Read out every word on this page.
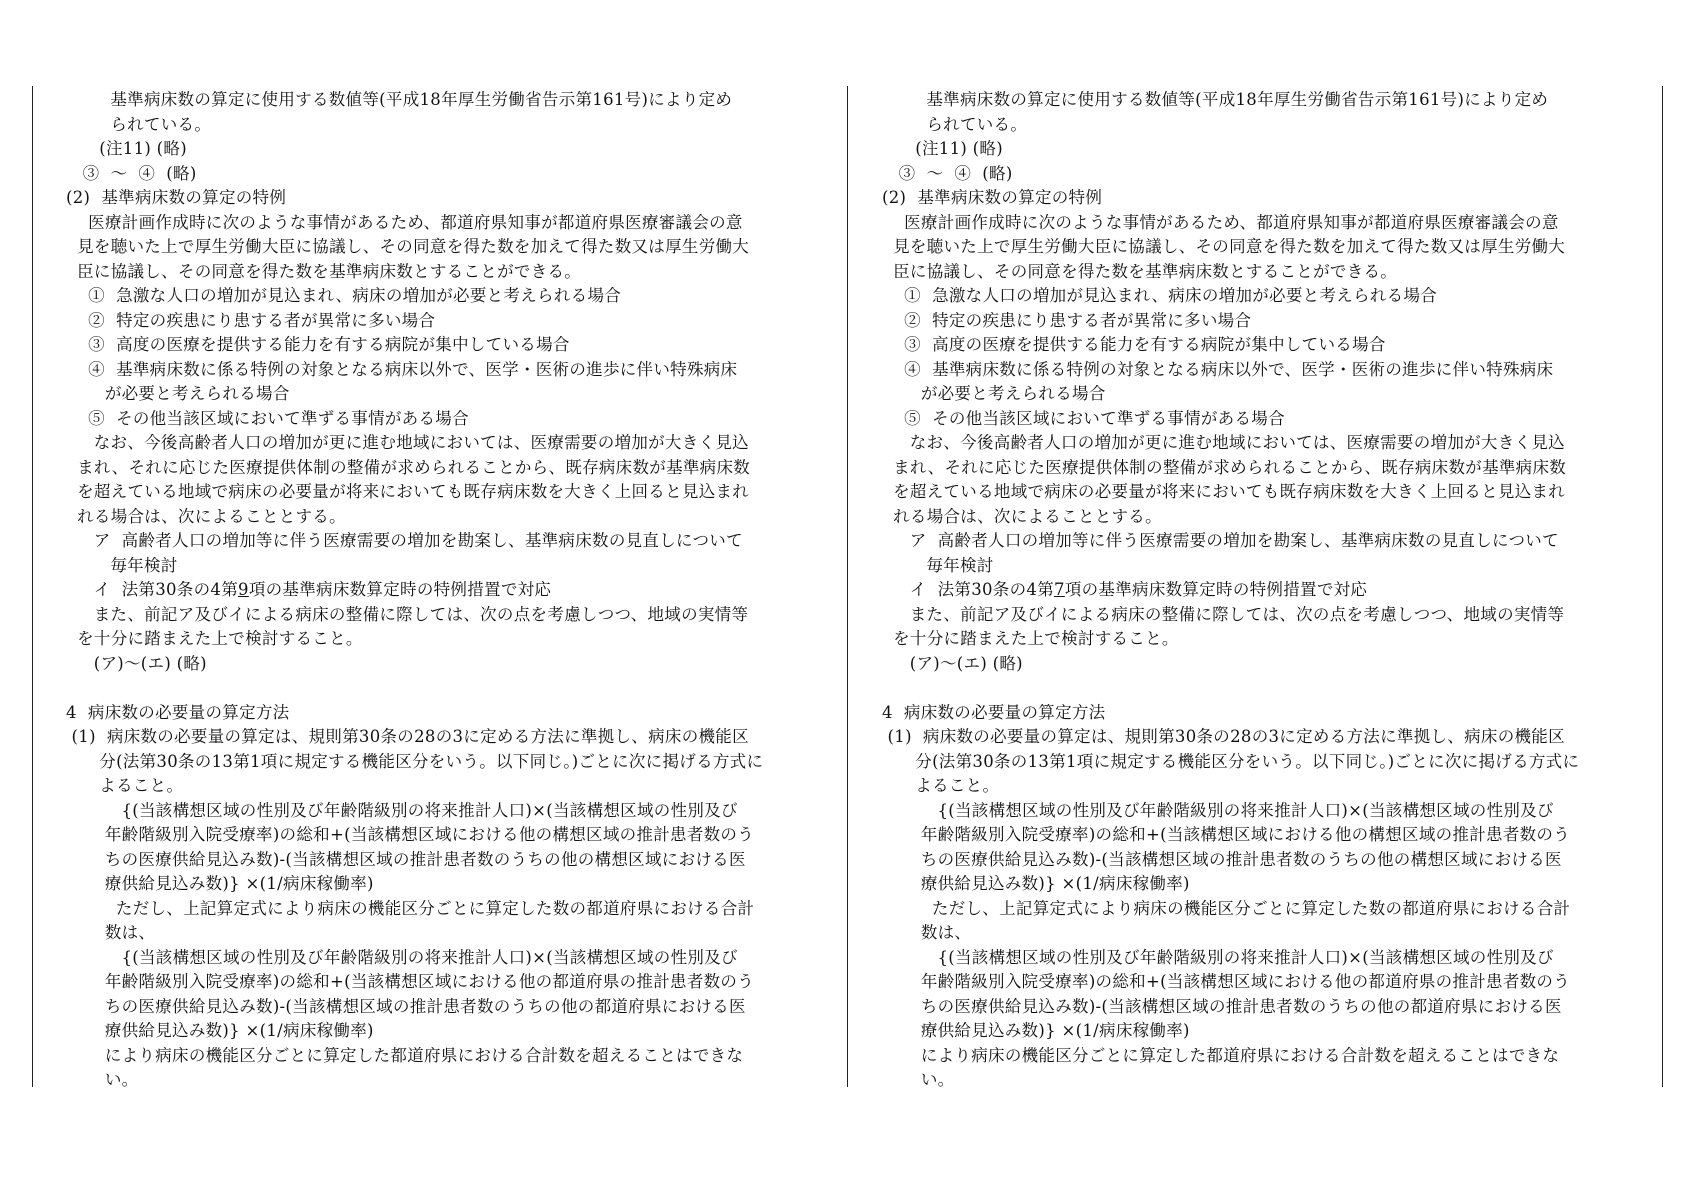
基準病床数の算定に使用する数値等(平成18年厚生労働省告示第161号)により定め
られている。
(注11) (略)
③  ～  ④  (略)
(2)  基準病床数の算定の特例
医療計画作成時に次のような事情があるため、都道府県知事が都道府県医療審議会の意
見を聴いた上で厚生労働大臣に協議し、その同意を得た数を加えて得た数又は厚生労働大
臣に協議し、その同意を得た数を基準病床数とすることができる。
①  急激な人口の増加が見込まれ、病床の増加が必要と考えられる場合
②  特定の疾患にり患する者が異常に多い場合
③  高度の医療を提供する能力を有する病院が集中している場合
④  基準病床数に係る特例の対象となる病床以外で、医学・医術の進歩に伴い特殊病床
が必要と考えられる場合
⑤  その他当該区域において準ずる事情がある場合
なお、今後高齢者人口の増加が更に進む地域においては、医療需要の増加が大きく見込
まれ、それに応じた医療提供体制の整備が求められることから、既存病床数が基準病床数
を超えている地域で病床の必要量が将来においても既存病床数を大きく上回ると見込まれ
れる場合は、次によることとする。
ア  高齢者人口の増加等に伴う医療需要の増加を勘案し、基準病床数の見直しについて
毎年検討
イ  法第30条の4第9項の基準病床数算定時の特例措置で対応
また、前記ア及びイによる病床の整備に際しては、次の点を考慮しつつ、地域の実情等
を十分に踏まえた上で検討すること。
(ア)～(エ) (略)
4  病床数の必要量の算定方法
(1)  病床数の必要量の算定は、規則第30条の28の3に定める方法に準拠し、病床の機能区
分(法第30条の13第1項に規定する機能区分をいう。以下同じ。)ごとに次に掲げる方式に
よること。
{(当該構想区域の性別及び年齢階級別の将来推計人口)×(当該構想区域の性別及び
年齢階級別入院受療率)の総和+(当該構想区域における他の構想区域の推計患者数のう
ちの医療供給見込み数)-(当該構想区域の推計患者数のうちの他の構想区域における医
療供給見込み数)} ×(1/病床稼働率)
ただし、上記算定式により病床の機能区分ごとに算定した数の都道府県における合計
数は、
{(当該構想区域の性別及び年齢階級別の将来推計人口)×(当該構想区域の性別及び
年齢階級別入院受療率)の総和+(当該構想区域における他の都道府県の推計患者数のう
ちの医療供給見込み数)-(当該構想区域の推計患者数のうちの他の都道府県における医
療供給見込み数)} ×(1/病床稼働率)
により病床の機能区分ごとに算定した都道府県における合計数を超えることはできな
い。
基準病床数の算定に使用する数値等(平成18年厚生労働省告示第161号)により定め
られている。
(注11) (略)
③  ～  ④  (略)
(2)  基準病床数の算定の特例
医療計画作成時に次のような事情があるため、都道府県知事が都道府県医療審議会の意
見を聴いた上で厚生労働大臣に協議し、その同意を得た数を加えて得た数又は厚生労働大
臣に協議し、その同意を得た数を基準病床数とすることができる。
①  急激な人口の増加が見込まれ、病床の増加が必要と考えられる場合
②  特定の疾患にり患する者が異常に多い場合
③  高度の医療を提供する能力を有する病院が集中している場合
④  基準病床数に係る特例の対象となる病床以外で、医学・医術の進歩に伴い特殊病床
が必要と考えられる場合
⑤  その他当該区域において準ずる事情がある場合
なお、今後高齢者人口の増加が更に進む地域においては、医療需要の増加が大きく見込
まれ、それに応じた医療提供体制の整備が求められることから、既存病床数が基準病床数
を超えている地域で病床の必要量が将来においても既存病床数を大きく上回ると見込まれ
れる場合は、次によることとする。
ア  高齢者人口の増加等に伴う医療需要の増加を勘案し、基準病床数の見直しについて
毎年検討
イ  法第30条の4第7項の基準病床数算定時の特例措置で対応
また、前記ア及びイによる病床の整備に際しては、次の点を考慮しつつ、地域の実情等
を十分に踏まえた上で検討すること。
(ア)～(エ) (略)
4  病床数の必要量の算定方法
(1)  病床数の必要量の算定は、規則第30条の28の3に定める方法に準拠し、病床の機能区
分(法第30条の13第1項に規定する機能区分をいう。以下同じ。)ごとに次に掲げる方式に
よること。
{(当該構想区域の性別及び年齢階級別の将来推計人口)×(当該構想区域の性別及び
年齢階級別入院受療率)の総和+(当該構想区域における他の構想区域の推計患者数のう
ちの医療供給見込み数)-(当該構想区域の推計患者数のうちの他の構想区域における医
療供給見込み数)} ×(1/病床稼働率)
ただし、上記算定式により病床の機能区分ごとに算定した数の都道府県における合計
数は、
{(当該構想区域の性別及び年齢階級別の将来推計人口)×(当該構想区域の性別及び
年齢階級別入院受療率)の総和+(当該構想区域における他の都道府県の推計患者数のう
ちの医療供給見込み数)-(当該構想区域の推計患者数のうちの他の都道府県における医
療供給見込み数)} ×(1/病床稼働率)
により病床の機能区分ごとに算定した都道府県における合計数を超えることはできな
い。
